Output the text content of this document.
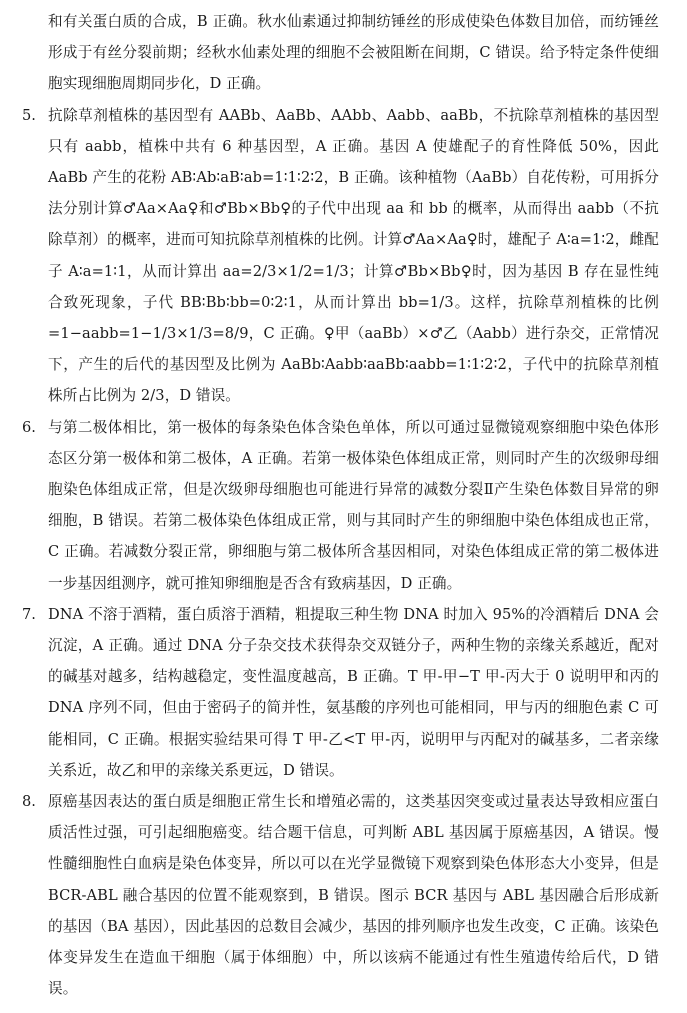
和有关蛋白质的合成，B 正确。秋水仙素通过抑制纺锤丝的形成使染色体数目加倍，而纺锤丝形成于有丝分裂前期；经秋水仙素处理的细胞不会被阻断在间期，C 错误。给予特定条件使细胞实现细胞周期同步化，D 正确。

5. 抗除草剂植株的基因型有 AABb、AaBb、AAbb、Aabb、aaBb，不抗除草剂植株的基因型只有 aabb，植株中共有 6 种基因型，A 正确。基因 A 使雄配子的育性降低 50%，因此 AaBb 产生的花粉 AB∶Ab∶aB∶ab=1∶1∶2∶2，B 正确。该种植物（AaBb）自花传粉，可用拆分法分别计算♂Aa×Aa♀和♂Bb×Bb♀的子代中出现 aa 和 bb 的概率，从而得出 aabb（不抗除草剂）的概率，进而可知抗除草剂植株的比例。计算♂Aa×Aa♀时，雄配子 A∶a=1∶2，雌配子 A∶a=1∶1，从而计算出 aa=2/3×1/2=1/3；计算♂Bb×Bb♀时，因为基因 B 存在显性纯合致死现象，子代 BB∶Bb∶bb=0∶2∶1，从而计算出 bb=1/3。这样，抗除草剂植株的比例=1−aabb=1−1/3×1/3=8/9，C 正确。♀甲（aaBb）×♂乙（Aabb）进行杂交，正常情况下，产生的后代的基因型及比例为 AaBb∶Aabb∶aaBb∶aabb=1∶1∶2∶2，子代中的抗除草剂植株所占比例为 2/3，D 错误。

6. 与第二极体相比，第一极体的每条染色体含染色单体，所以可通过显微镜观察细胞中染色体形态区分第一极体和第二极体，A 正确。若第一极体染色体组成正常，则同时产生的次级卵母细胞染色体组成正常，但是次级卵母细胞也可能进行异常的减数分裂Ⅱ产生染色体数目异常的卵细胞，B 错误。若第二极体染色体组成正常，则与其同时产生的卵细胞中染色体组成也正常，C 正确。若减数分裂正常，卵细胞与第二极体所含基因相同，对染色体组成正常的第二极体进一步基因组测序，就可推知卵细胞是否含有致病基因，D 正确。

7. DNA 不溶于酒精，蛋白质溶于酒精，粗提取三种生物 DNA 时加入 95%的冷酒精后 DNA 会沉淀，A 正确。通过 DNA 分子杂交技术获得杂交双链分子，两种生物的亲缘关系越近，配对的碱基对越多，结构越稳定，变性温度越高，B 正确。T 甲-甲−T 甲-丙大于 0 说明甲和丙的 DNA 序列不同，但由于密码子的简并性，氨基酸的序列也可能相同，甲与丙的细胞色素 C 可能相同，C 正确。根据实验结果可得 T 甲-乙<T 甲-丙，说明甲与丙配对的碱基多，二者亲缘关系近，故乙和甲的亲缘关系更远，D 错误。

8. 原癌基因表达的蛋白质是细胞正常生长和增殖必需的，这类基因突变或过量表达导致相应蛋白质活性过强，可引起细胞癌变。结合题干信息，可判断 ABL 基因属于原癌基因，A 错误。慢性髓细胞性白血病是染色体变异，所以可以在光学显微镜下观察到染色体形态大小变异，但是 BCR-ABL 融合基因的位置不能观察到，B 错误。图示 BCR 基因与 ABL 基因融合后形成新的基因（BA 基因），因此基因的总数目会减少，基因的排列顺序也发生改变，C 正确。该染色体变异发生在造血干细胞（属于体细胞）中，所以该病不能通过有性生殖遗传给后代，D 错误。
